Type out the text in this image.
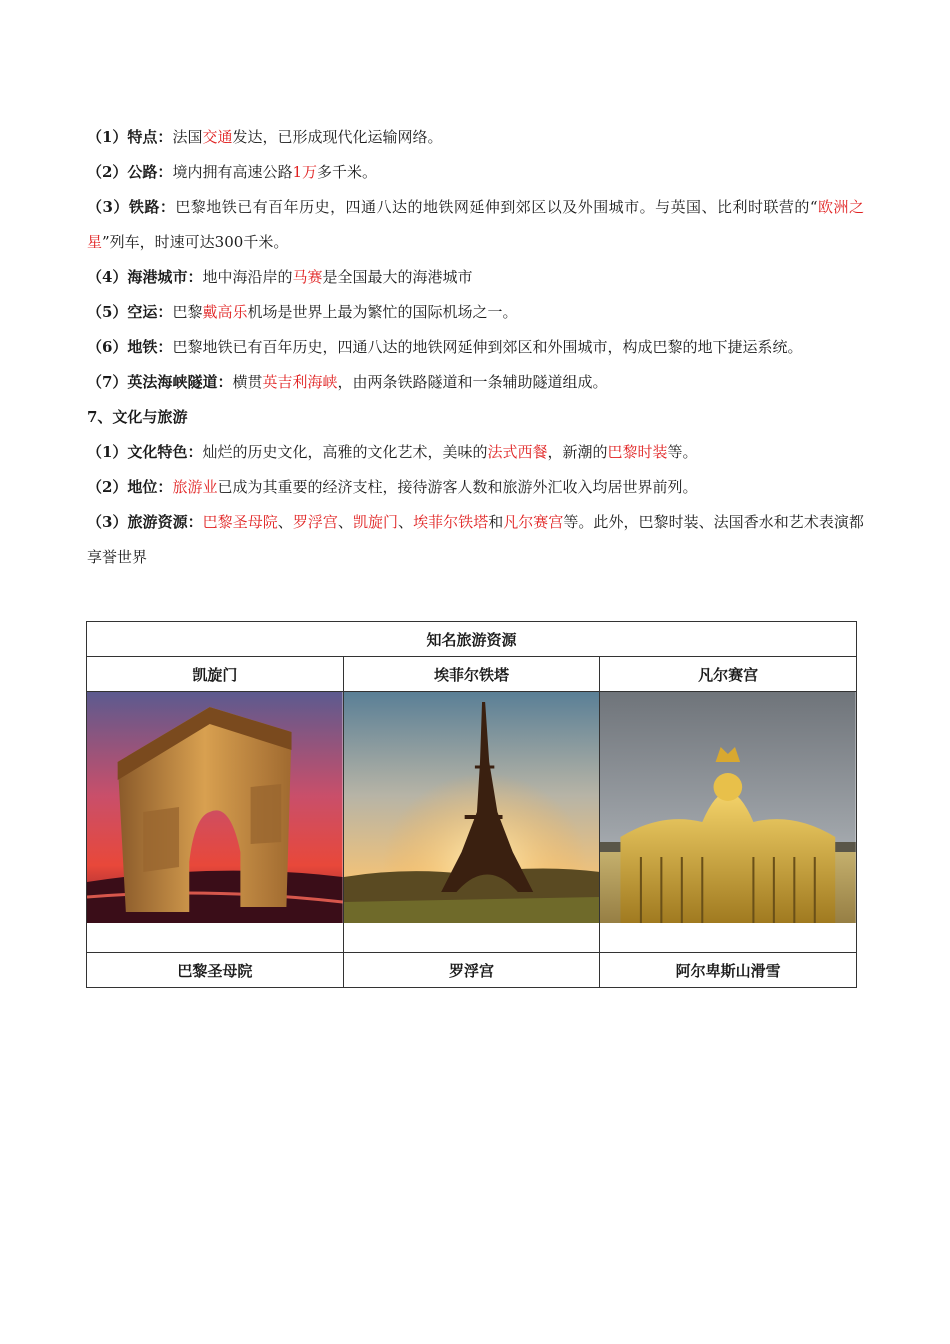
（1）特点：法国交通发达，已形成现代化运输网络。

（2）公路：境内拥有高速公路1万多千米。

（3）铁路：巴黎地铁已有百年历史，四通八达的地铁网延伸到郊区以及外围城市。与英国、比利时联营的“欧洲之星”列车，时速可达300千米。

（4）海港城市：地中海沿岸的马赛是全国最大的海港城市

（5）空运：巴黎戴高乐机场是世界上最为繁忙的国际机场之一。

（6）地铁：巴黎地铁已有百年历史，四通八达的地铁网延伸到郊区和外围城市，构成巴黎的地下捷运系统。

（7）英法海峡隧道：横贯英吉利海峡，由两条铁路隧道和一条辅助隧道组成。

7、文化与旅游

（1）文化特色：灿烂的历史文化，高雅的文化艺术，美味的法式西餐，新潮的巴黎时装等。

（2）地位：旅游业已成为其重要的经济支柱，接待游客人数和旅游外汇收入均居世界前列。

（3）旅游资源：巴黎圣母院、罗浮宫、凯旋门、埃菲尔铁塔和凡尔赛宫等。此外，巴黎时装、法国香水和艺术表演都享誉世界

知名旅游资源		
凯旋门	埃菲尔铁塔	凡尔赛宫

巴黎圣母院	罗浮宫	阿尔卑斯山滑雪
